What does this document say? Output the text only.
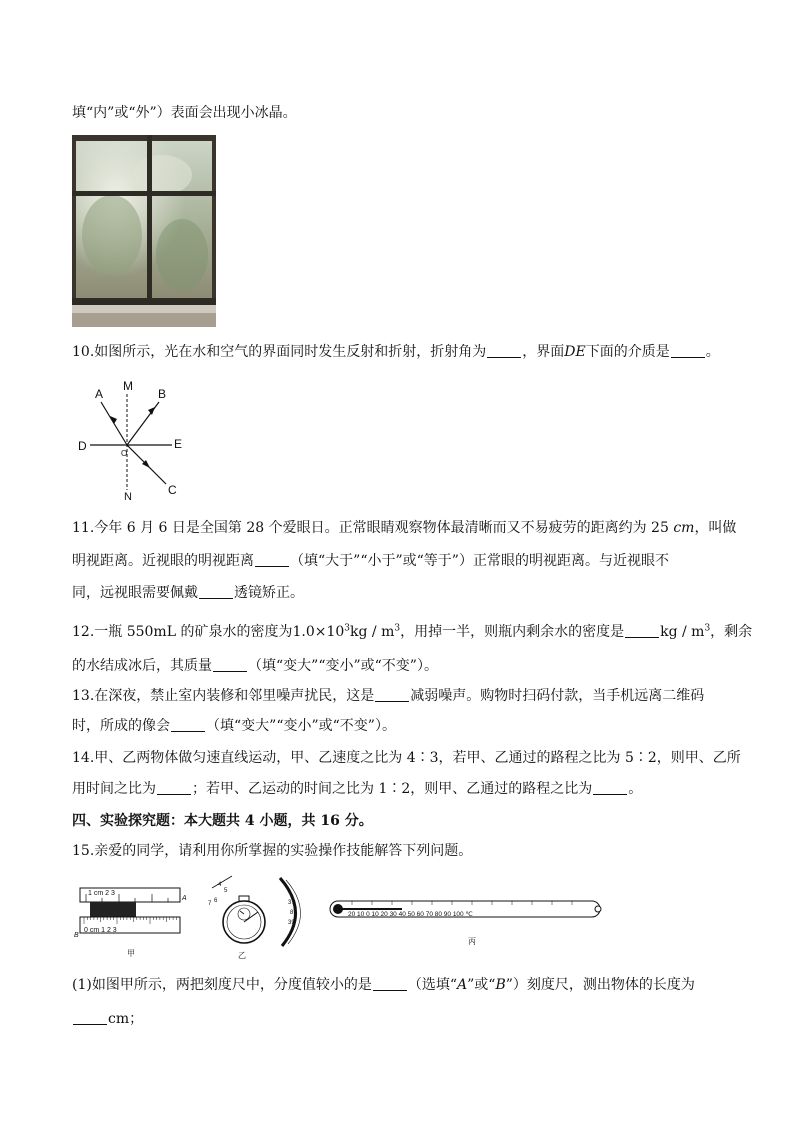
填“内”或“外”）表面会出现小冰晶。
10.如图所示，光在水和空气的界面同时发生反射和折射，折射角为	，界面DE下面的介质是	。
A
M
B
D
O
E
N	C
11.今年 6 月 6 日是全国第 28 个爱眼日。正常眼睛观察物体最清晰而又不易疲劳的距离约为 25 cm，叫做
明视距离。近视眼的明视距离	（填“大于”“小于”或“等于”）正常眼的明视距离。与近视眼不
同，远视眼需要佩戴	透镜矫正。
12.一瓶 550mL 的矿泉水的密度为$1.0\times 10^3kg / m^3$，用掉一半，则瓶内剩余水的密度是	kg / $m^3$，剩余
的水结成冰后，其质量	（填“变大”“变小”或“不变”）。
13.在深夜，禁止室内装修和邻里噪声扰民，这是	减弱噪声。购物时扫码付款，当手机远离二维码
时，所成的像会	（填“变大”“变小”或“不变”）。
14.甲、乙两物体做匀速直线运动，甲、乙速度之比为 4∶3，若甲、乙通过的路程之比为 5∶2，则甲、乙所
用时间之比为	；若甲、乙运动的时间之比为 1∶2，则甲、乙通过的路程之比为	。
四、实验探究题：本大题共 4 小题，共 16 分。
15.亲爱的同学，请利用你所掌握的实验操作技能解答下列问题。
1 cm 2 3
A
0 cm 1 2 3
B
甲
4
5
7 6	37
8
39
乙
20 10 0 10 20 30 40 50 60 70 80 90 100 ℃
丙
(1)如图甲所示，两把刻度尺中，分度值较小的是	（选填“A”或“B”）刻度尺，测出物体的长度为
cm；
